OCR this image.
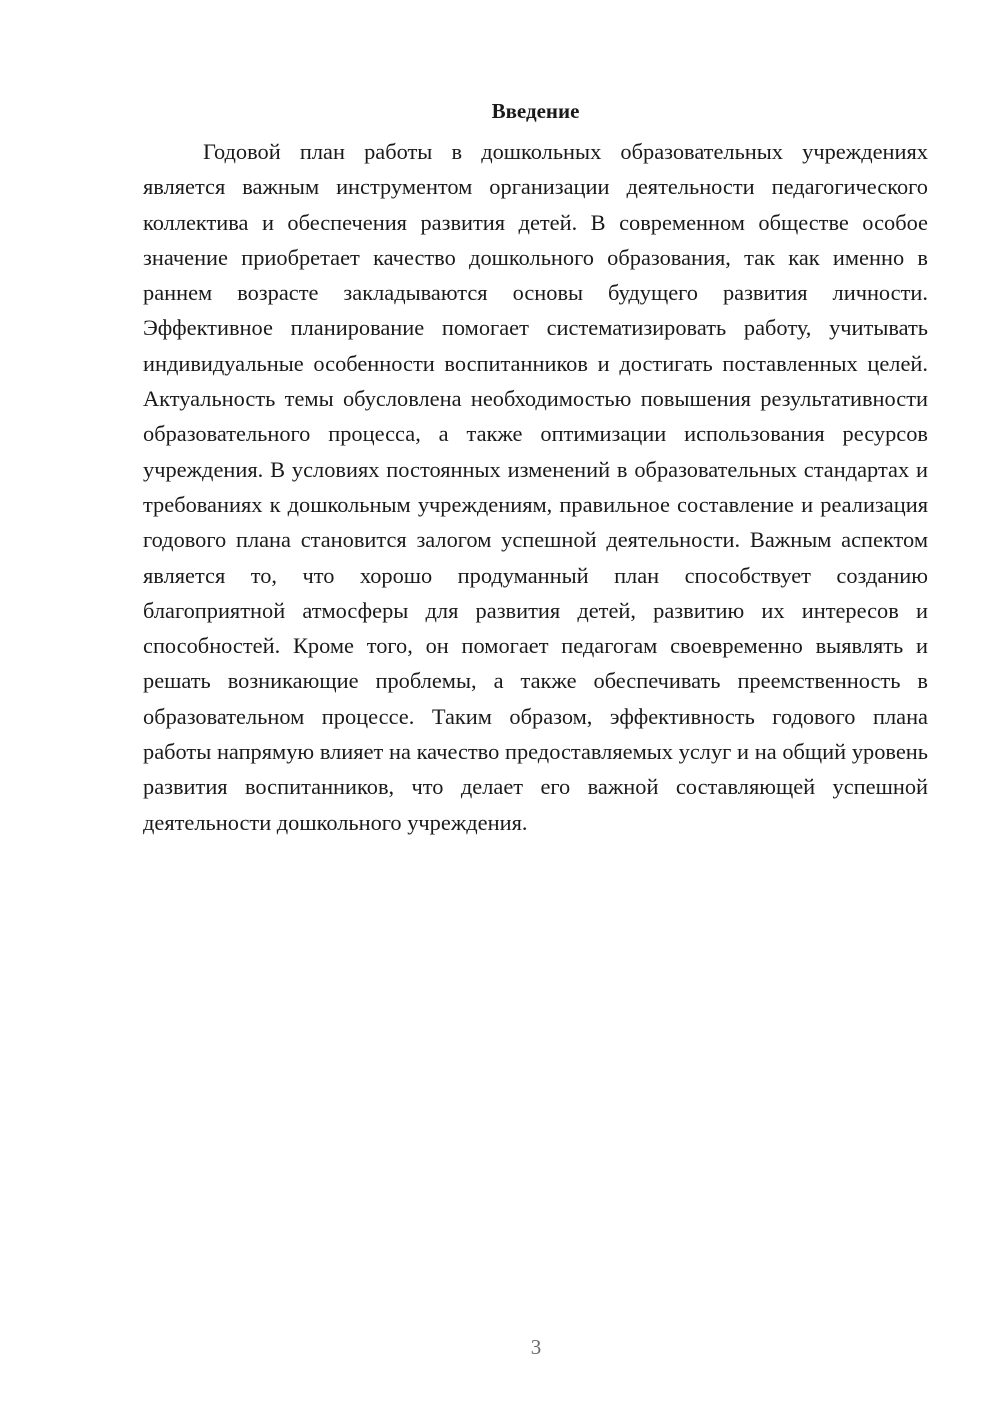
Введение

Годовой план работы в дошкольных образовательных учреждениях является важным инструментом организации деятельности педагогического коллектива и обеспечения развития детей. В современном обществе особое значение приобретает качество дошкольного образования, так как именно в раннем возрасте закладываются основы будущего развития личности. Эффективное планирование помогает систематизировать работу, учитывать индивидуальные особенности воспитанников и достигать поставленных целей. Актуальность темы обусловлена необходимостью повышения результативности образовательного процесса, а также оптимизации использования ресурсов учреждения. В условиях постоянных изменений в образовательных стандартах и требованиях к дошкольным учреждениям, правильное составление и реализация годового плана становится залогом успешной деятельности. Важным аспектом является то, что хорошо продуманный план способствует созданию благоприятной атмосферы для развития детей, развитию их интересов и способностей. Кроме того, он помогает педагогам своевременно выявлять и решать возникающие проблемы, а также обеспечивать преемственность в образовательном процессе. Таким образом, эффективность годового плана работы напрямую влияет на качество предоставляемых услуг и на общий уровень развития воспитанников, что делает его важной составляющей успешной деятельности дошкольного учреждения.

3
